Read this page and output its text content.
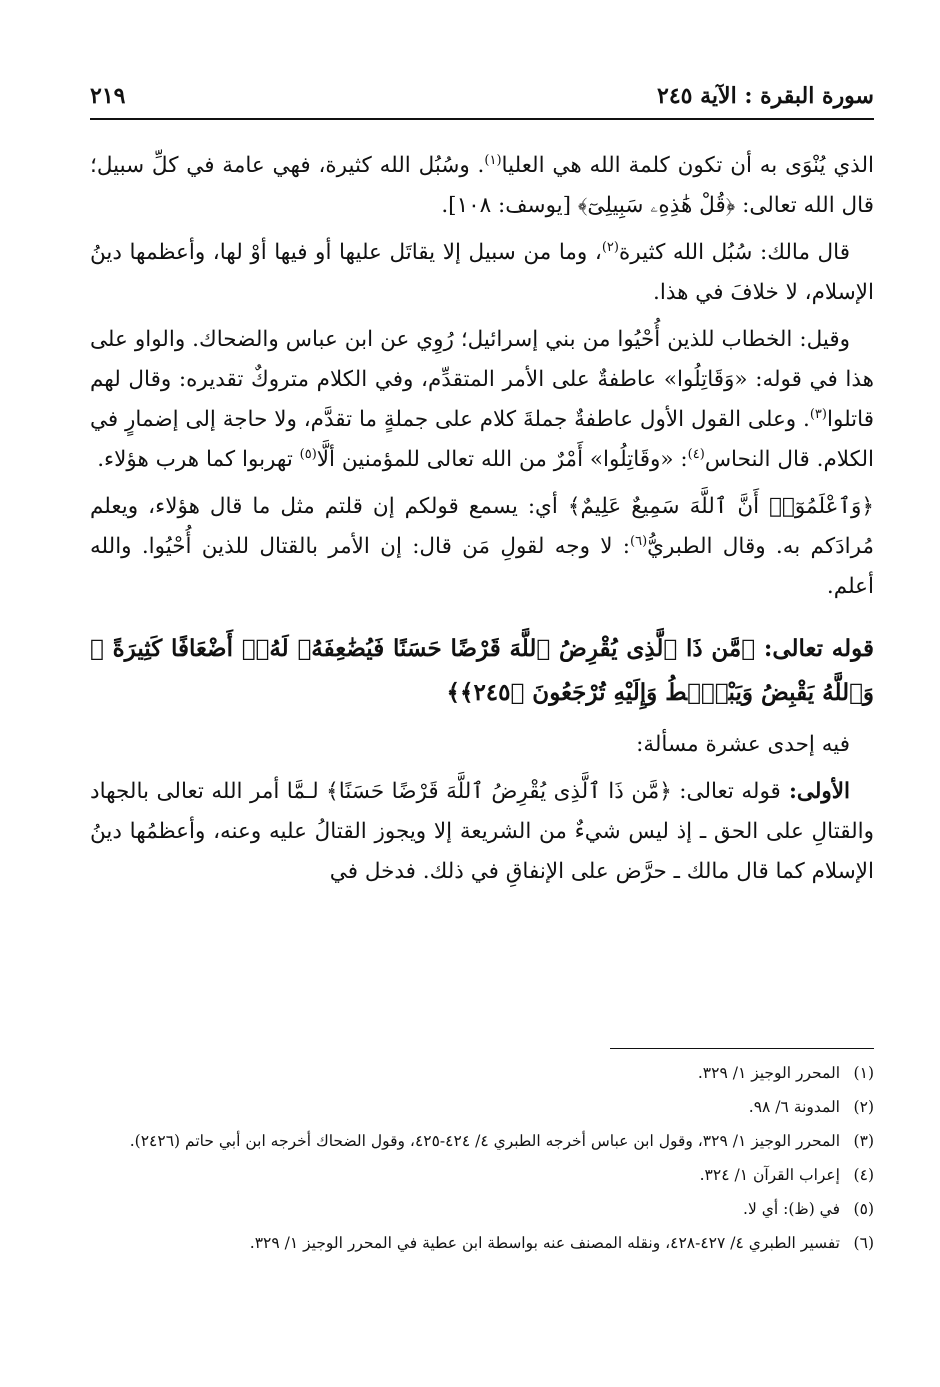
سورة البقرة : الآية ٢٤٥
٢١٩

الذي يُنْوَى به أن تكون كلمة الله هي العليا$^{(١)}$. وسُبُل الله كثيرة، فهي عامة في كلِّ سبيل؛ قال الله تعالى: ﴿قُلْ هَٰذِهِۦ سَبِيلِىٓ﴾ [يوسف: ١٠٨].

قال مالك: سُبُل الله كثيرة$^{(٢)}$، وما من سبيل إلا يقاتَل عليها أو فيها أوْ لها، وأعظمها دينُ الإسلام، لا خلافَ في هذا.

وقيل: الخطاب للذين أُحْيُوا من بني إسرائيل؛ رُوِي عن ابن عباس والضحاك. والواو على هذا في قوله: «وَقَاتِلُوا» عاطفةٌ على الأمر المتقدِّم، وفي الكلام متروكٌ تقديره: وقال لهم قاتلوا$^{(٣)}$. وعلى القول الأول عاطفةٌ جملةَ كلام على جملةٍ ما تقدَّم، ولا حاجة إلى إضمارٍ في الكلام. قال النحاس$^{(٤)}$: «وقَاتِلُوا» أَمْرٌ من الله تعالى للمؤمنين ألَّا$^{(٥)}$ تهربوا كما هرب هؤلاء.

﴿وَٱعْلَمُوٓا۟ أَنَّ ٱللَّهَ سَمِيعٌ عَلِيمٌ﴾ أي: يسمع قولكم إن قلتم مثل ما قال هؤلاء، ويعلم مُرادَكم به. وقال الطبريُّ$^{(٦)}$: لا وجه لقولِ مَن قال: إن الأمر بالقتال للذين أُحْيُوا. والله أعلم.

قوله تعالى: ﴿مَّن ذَا ٱلَّذِى يُقْرِضُ ٱللَّهَ قَرْضًا حَسَنًا فَيُضَٰعِفَهُۥ لَهُۥٓ أَضْعَافًا كَثِيرَةً ۚ وَٱللَّهُ يَقْبِضُ وَيَبْصُۜطُ وَإِلَيْهِ تُرْجَعُونَ ﴿٢٤٥﴾﴾

فيه إحدى عشرة مسألة:

الأولى: قوله تعالى: ﴿مَّن ذَا ٱلَّذِى يُقْرِضُ ٱللَّهَ قَرْضًا حَسَنًا﴾ لـمَّا أمر الله تعالى بالجهاد والقتالِ على الحق ـ إذ ليس شيءٌ من الشريعة إلا ويجوز القتالُ عليه وعنه، وأعظمُها دينُ الإسلام كما قال مالك ـ حرَّض على الإنفاقِ في ذلك. فدخل في

(١)
المحرر الوجيز ١/ ٣٢٩.
(٢)
المدونة ٦/ ٩٨.
(٣)
المحرر الوجيز ١/ ٣٢٩، وقول ابن عباس أخرجه الطبري ٤/ ٤٢٤-٤٢٥، وقول الضحاك أخرجه ابن أبي حاتم (٢٤٢٦).
(٤)
إعراب القرآن ١/ ٣٢٤.
(٥)
في (ظ): أي لا.
(٦)
تفسير الطبري ٤/ ٤٢٧-٤٢٨، ونقله المصنف عنه بواسطة ابن عطية في المحرر الوجيز ١/ ٣٢٩.
